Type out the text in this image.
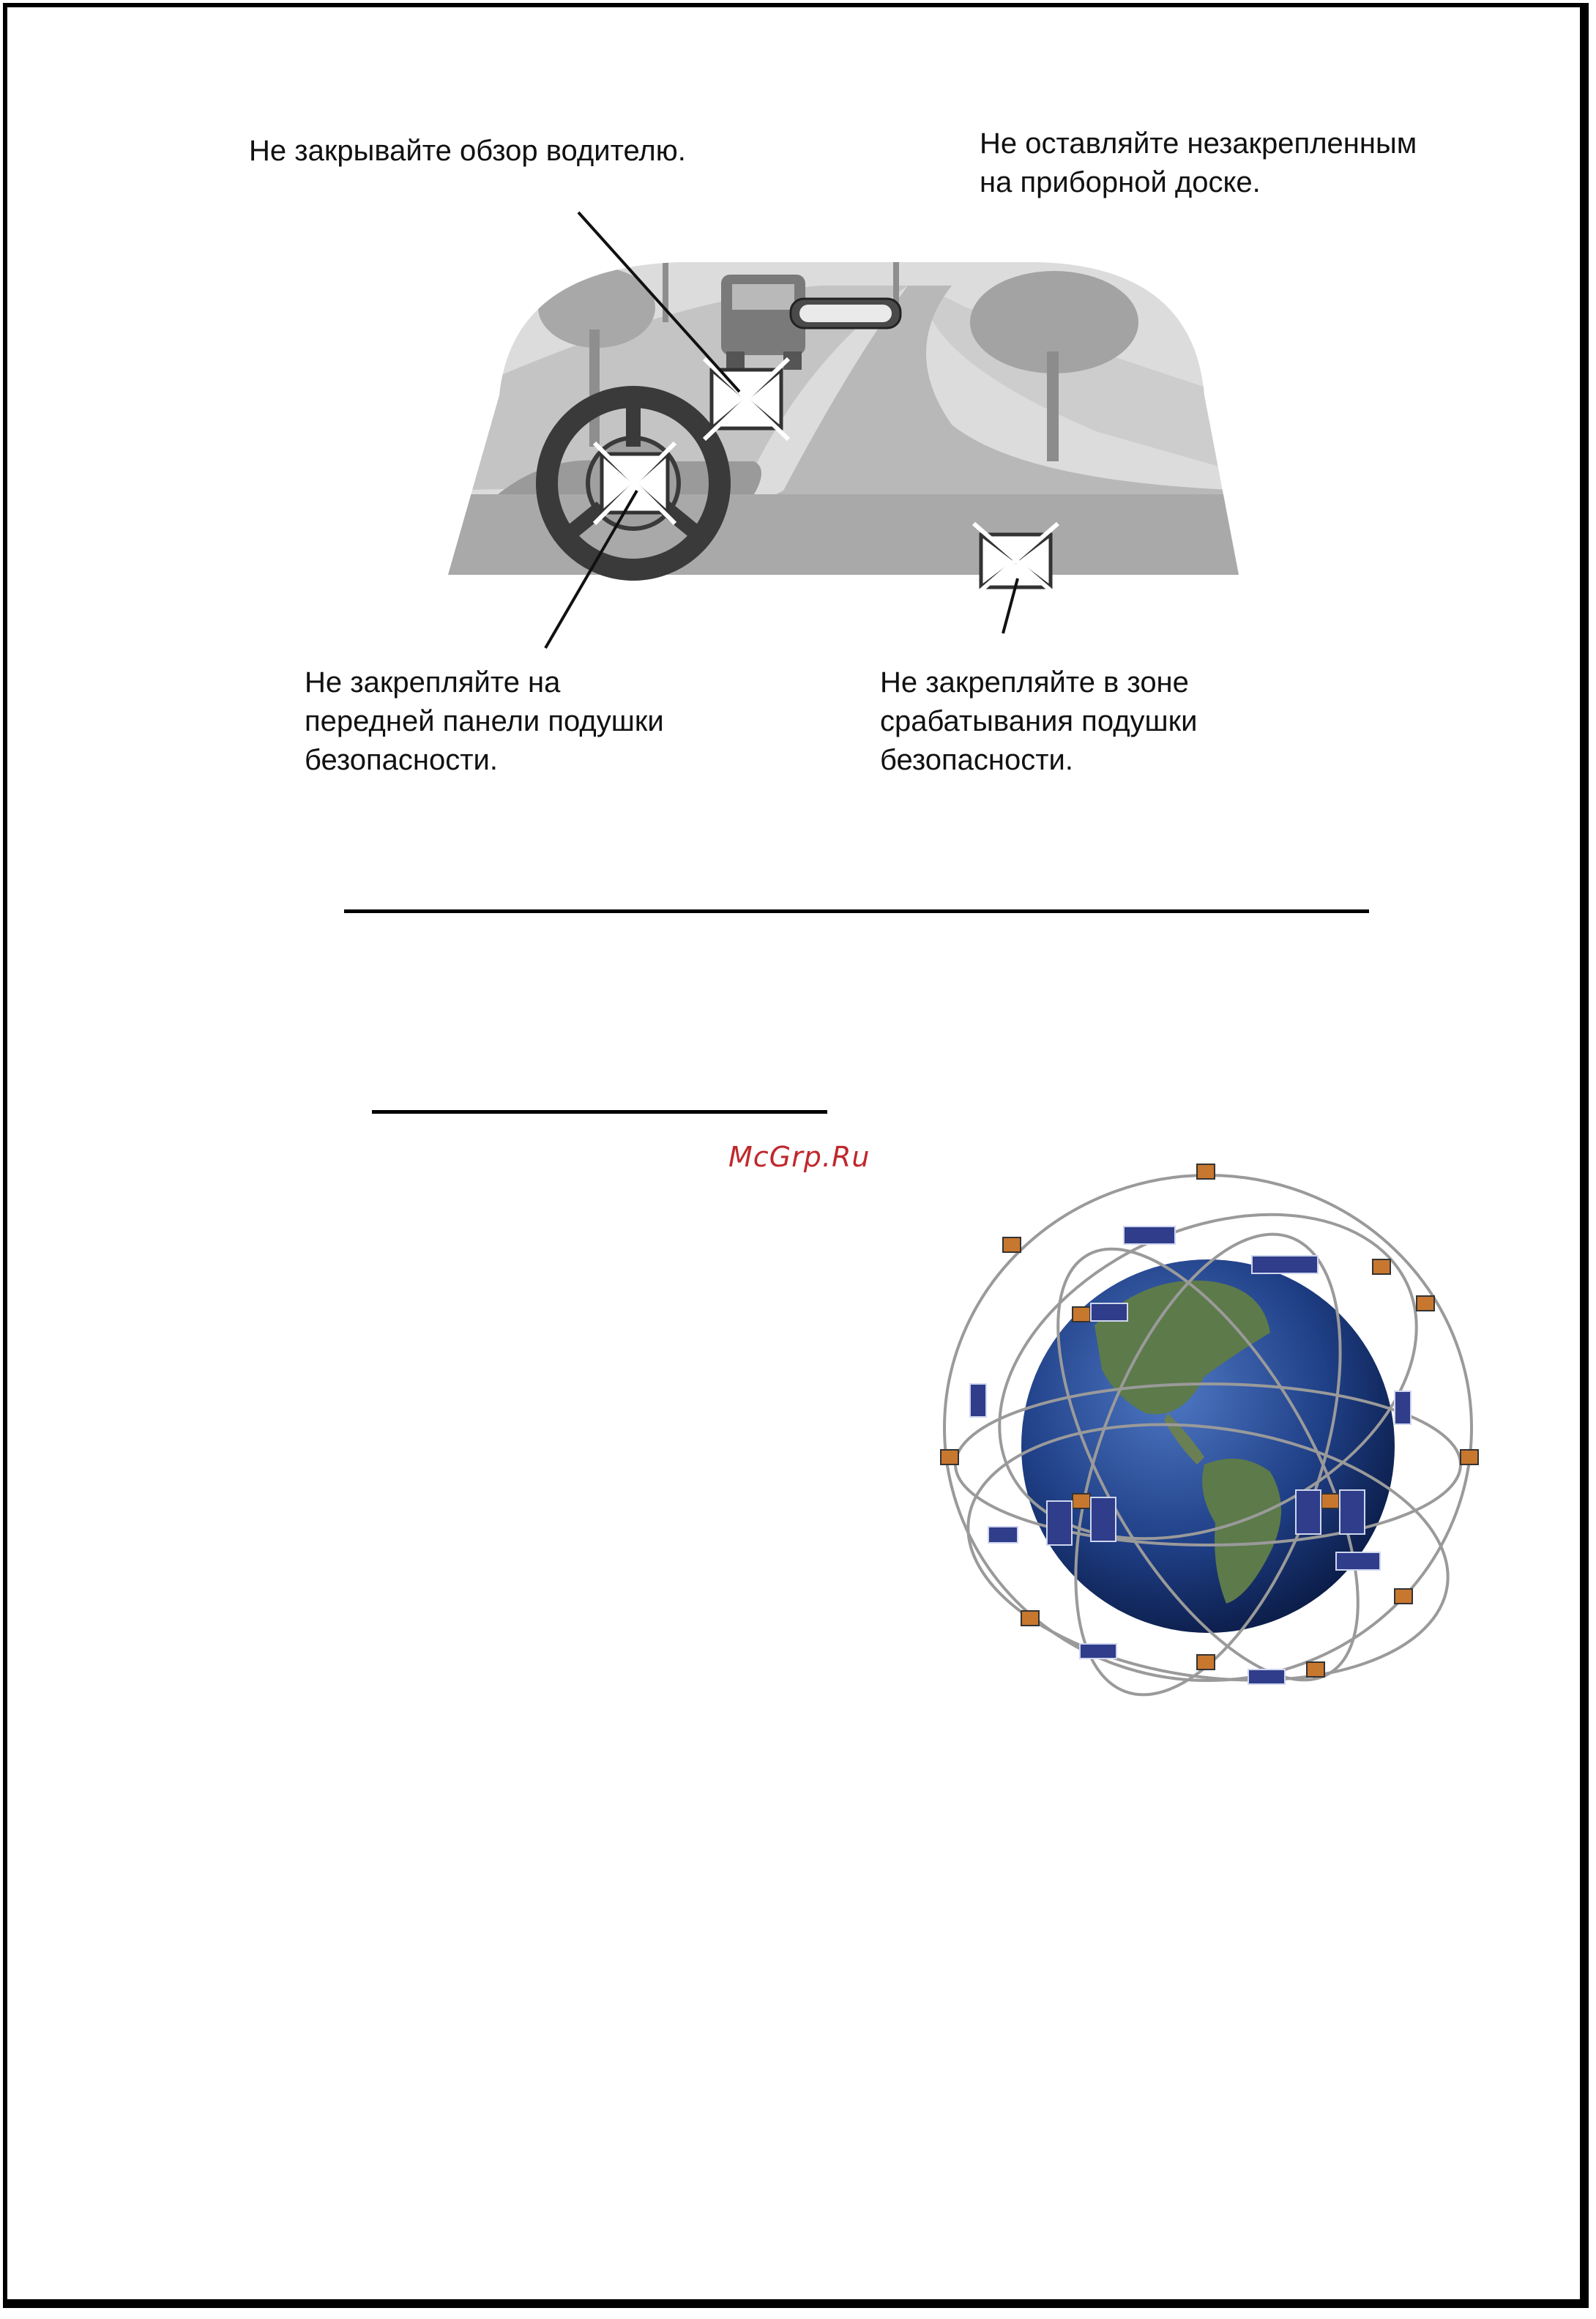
Не закрывайте обзор водителю.	Не оставляйте незакрепленным
на приборной доске.
Не закрепляйте на
передней панели подушки
безопасности.
Не закрепляйте в зоне
срабатывания подушки
безопасности.
McGrp.Ru
